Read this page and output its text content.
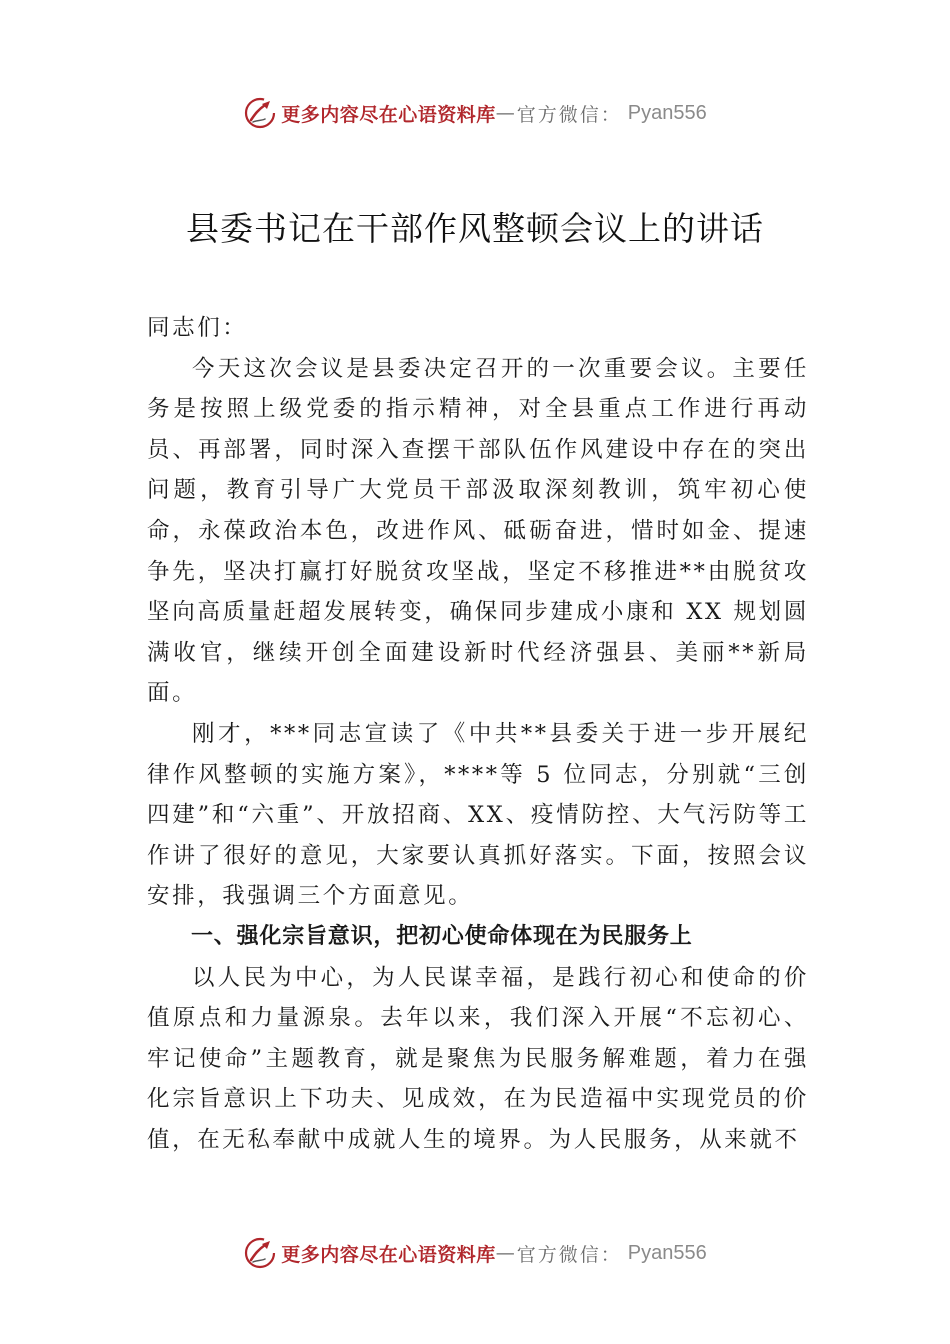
更多内容尽在心语资料库 — 官方微信： Pyan556
县委书记在干部作风整顿会议上的讲话

同志们：

今天这次会议是县委决定召开的一次重要会议。主要任务是按照上级党委的指示精神，对全县重点工作进行再动员、再部署，同时深入查摆干部队伍作风建设中存在的突出问题，教育引导广大党员干部汲取深刻教训，筑牢初心使命，永葆政治本色，改进作风、砥砺奋进，惜时如金、提速争先，坚决打赢打好脱贫攻坚战，坚定不移推进**由脱贫攻坚向高质量赶超发展转变，确保同步建成小康和 XX 规划圆满收官，继续开创全面建设新时代经济强县、美丽**新局面。

刚才，***同志宣读了《中共**县委关于进一步开展纪律作风整顿的实施方案》，****等 5 位同志，分别就“三创四建”和“六重”、开放招商、XX、疫情防控、大气污防等工作讲了很好的意见，大家要认真抓好落实。下面，按照会议安排，我强调三个方面意见。

一、强化宗旨意识，把初心使命体现在为民服务上

以人民为中心，为人民谋幸福，是践行初心和使命的价值原点和力量源泉。去年以来，我们深入开展“不忘初心、牢记使命”主题教育，就是聚焦为民服务解难题，着力在强化宗旨意识上下功夫、见成效，在为民造福中实现党员的价值，在无私奉献中成就人生的境界。为人民服务，从来就不

更多内容尽在心语资料库 — 官方微信： Pyan556
